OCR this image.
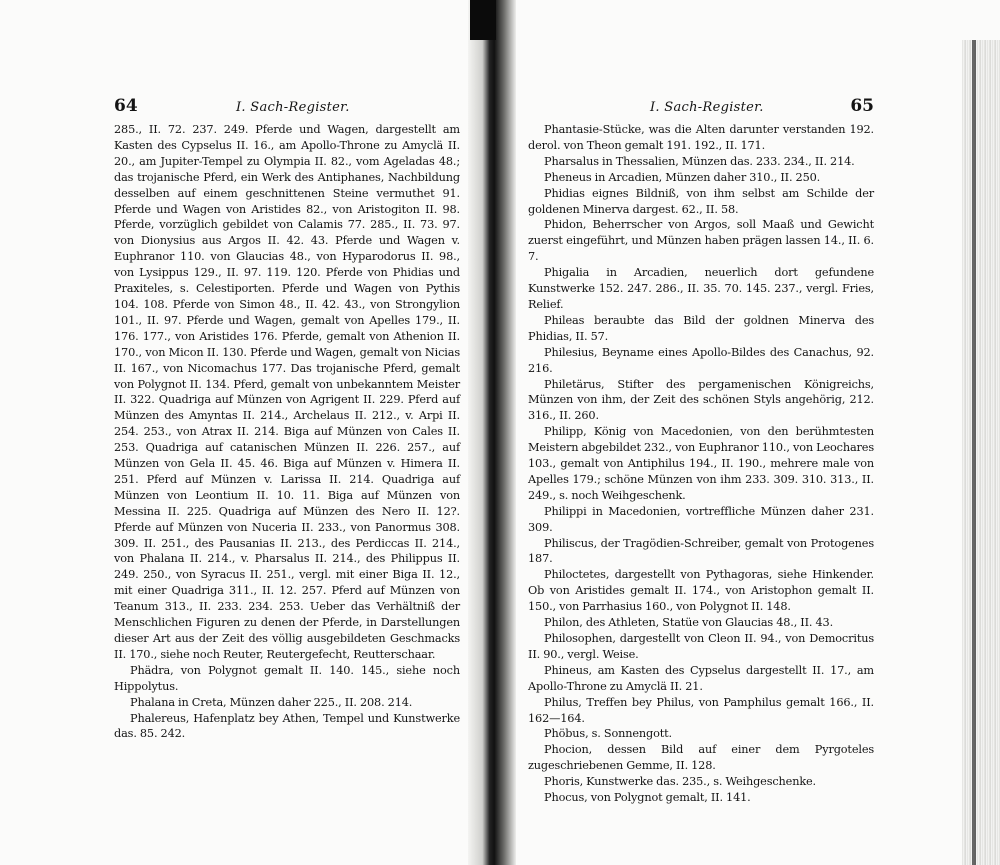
64	I. Sach-Register.

285., II. 72. 237. 249. Pferde und Wagen, dargestellt am Kasten des Cypselus II. 16., am Apollo-Throne zu Amyclä II. 20., am Jupiter-Tempel zu Olympia II. 82., vom Ageladas 48.; das trojanische Pferd, ein Werk des Antiphanes, Nachbildung desselben auf einem geschnittenen Steine vermuthet 91. Pferde und Wagen von Aristides 82., von Aristogiton II. 98. Pferde, vorzüglich gebildet von Calamis 77. 285., II. 73. 97. von Dionysius aus Argos II. 42. 43. Pferde und Wagen v. Euphranor 110. von Glaucias 48., von Hyparodorus II. 98., von Lysippus 129., II. 97. 119. 120. Pferde von Phidias und Praxiteles, s. Celestiporten. Pferde und Wagen von Pythis 104. 108. Pferde von Simon 48., II. 42. 43., von Strongylion 101., II. 97. Pferde und Wagen, gemalt von Apelles 179., II. 176. 177., von Aristides 176. Pferde, gemalt von Athenion II. 170., von Micon II. 130. Pferde und Wagen, gemalt von Nicias II. 167., von Nicomachus 177. Das trojanische Pferd, gemalt von Polygnot II. 134. Pferd, gemalt von unbekanntem Meister II. 322. Quadriga auf Münzen von Agrigent II. 229. Pferd auf Münzen des Amyntas II. 214., Archelaus II. 212., v. Arpi II. 254. 253., von Atrax II. 214. Biga auf Münzen von Cales II. 253. Quadriga auf catanischen Münzen II. 226. 257., auf Münzen von Gela II. 45. 46. Biga auf Münzen v. Himera II. 251. Pferd auf Münzen v. Larissa II. 214. Quadriga auf Münzen von Leontium II. 10. 11. Biga auf Münzen von Messina II. 225. Quadriga auf Münzen des Nero II. 12?. Pferde auf Münzen von Nuceria II. 233., von Panormus 308. 309. II. 251., des Pausanias II. 213., des Perdiccas II. 214., von Phalana II. 214., v. Pharsalus II. 214., des Philippus II. 249. 250., von Syracus II. 251., vergl. mit einer Biga II. 12., mit einer Quadriga 311., II. 12. 257. Pferd auf Münzen von Teanum 313., II. 233. 234. 253. Ueber das Verhältniß der Menschlichen Figuren zu denen der Pferde, in Darstellungen dieser Art aus der Zeit des völlig ausgebildeten Geschmacks II. 170., siehe noch Reuter, Reutergefecht, Reutterschaar.

Phädra, von Polygnot gemalt II. 140. 145., siehe noch Hippolytus.

Phalana in Creta, Münzen daher 225., II. 208. 214.

Phalereus, Hafenplatz bey Athen, Tempel und Kunstwerke das. 85. 242.

I. Sach-Register.	65

Phantasie-Stücke, was die Alten darunter verstanden 192. derol. von Theon gemalt 191. 192., II. 171.

Pharsalus in Thessalien, Münzen das. 233. 234., II. 214.

Pheneus in Arcadien, Münzen daher 310., II. 250.

Phidias eignes Bildniß, von ihm selbst am Schilde der goldenen Minerva dargest. 62., II. 58.

Phidon, Beherrscher von Argos, soll Maaß und Gewicht zuerst eingeführt, und Münzen haben prägen lassen 14., II. 6. 7.

Phigalia in Arcadien, neuerlich dort gefundene Kunstwerke 152. 247. 286., II. 35. 70. 145. 237., vergl. Fries, Relief.

Phileas beraubte das Bild der goldnen Minerva des Phidias, II. 57.

Philesius, Beyname eines Apollo-Bildes des Canachus, 92. 216.

Philetärus, Stifter des pergamenischen Königreichs, Münzen von ihm, der Zeit des schönen Styls angehörig, 212. 316., II. 260.

Philipp, König von Macedonien, von den berühmtesten Meistern abgebildet 232., von Euphranor 110., von Leochares 103., gemalt von Antiphilus 194., II. 190., mehrere male von Apelles 179.; schöne Münzen von ihm 233. 309. 310. 313., II. 249., s. noch Weihgeschenk.

Philippi in Macedonien, vortreffliche Münzen daher 231. 309.

Philiscus, der Tragödien-Schreiber, gemalt von Protogenes 187.

Philoctetes, dargestellt von Pythagoras, siehe Hinkender. Ob von Aristides gemalt II. 174., von Aristophon gemalt II. 150., von Parrhasius 160., von Polygnot II. 148.

Philon, des Athleten, Statüe von Glaucias 48., II. 43.

Philosophen, dargestellt von Cleon II. 94., von Democritus II. 90., vergl. Weise.

Phineus, am Kasten des Cypselus dargestellt II. 17., am Apollo-Throne zu Amyclä II. 21.

Philus, Treffen bey Philus, von Pamphilus gemalt 166., II. 162—164.

Phöbus, s. Sonnengott.

Phocion, dessen Bild auf einer dem Pyrgoteles zugeschriebenen Gemme, II. 128.

Phoris, Kunstwerke das. 235., s. Weihgeschenke.

Phocus, von Polygnot gemalt, II. 141.
